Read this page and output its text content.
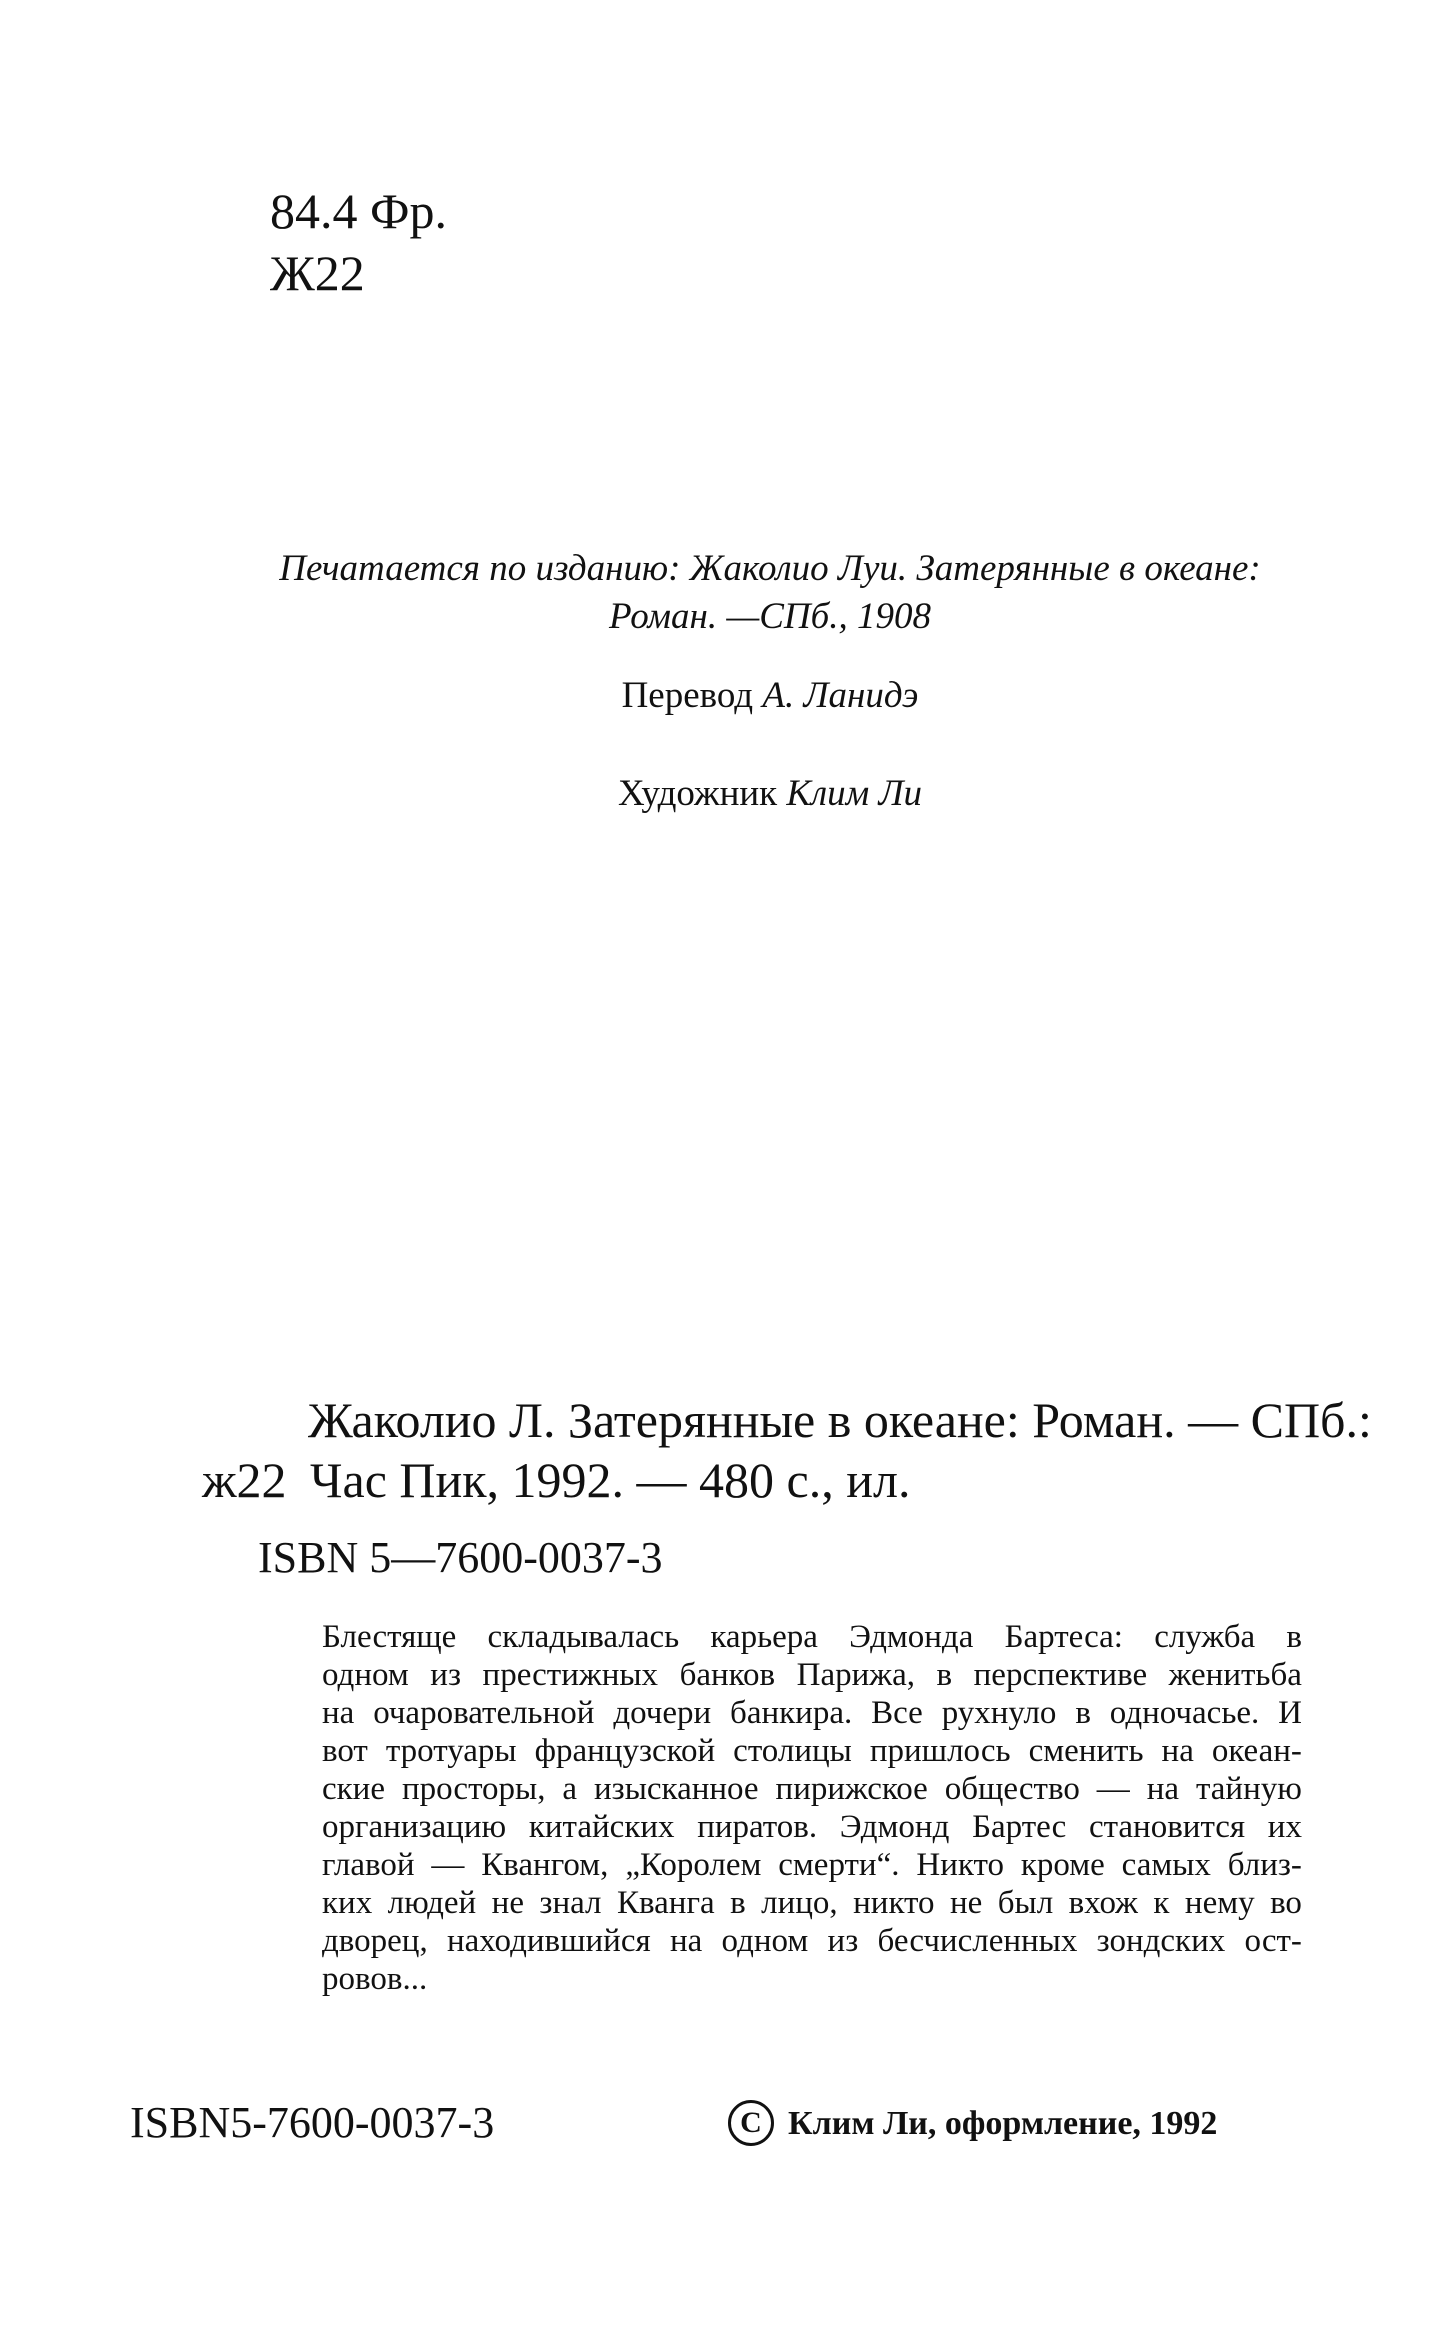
84.4 Фр.
Ж22
Печатается по изданию: Жаколио Луи. Затерянные в океане:
Роман. —СПб., 1908
Перевод А. Ланидэ
Художник Клим Ли
Жаколио Л. Затерянные в океане: Роман. — СПб.:
ж22 Час Пик, 1992. — 480 с., ил.
ISBN 5—7600-0037-3
Блестяще складывалась карьера Эдмонда Бартеса: служба в
одном из престижных банков Парижа, в перспективе женитьба
на очаровательной дочери банкира. Все рухнуло в одночасье. И
вот тротуары французской столицы пришлось сменить на океан-
ские просторы, а изысканное пирижское общество — на тайную
организацию китайских пиратов. Эдмонд Бартес становится их
главой — Квангом, „Королем смерти“. Никто кроме самых близ-
ких людей не знал Кванга в лицо, никто не был вхож к нему во
дворец, находившийся на одном из бесчисленных зондских ост-
ровов...
ISBN5-7600-0037-3	C Клим Ли, оформление, 1992
